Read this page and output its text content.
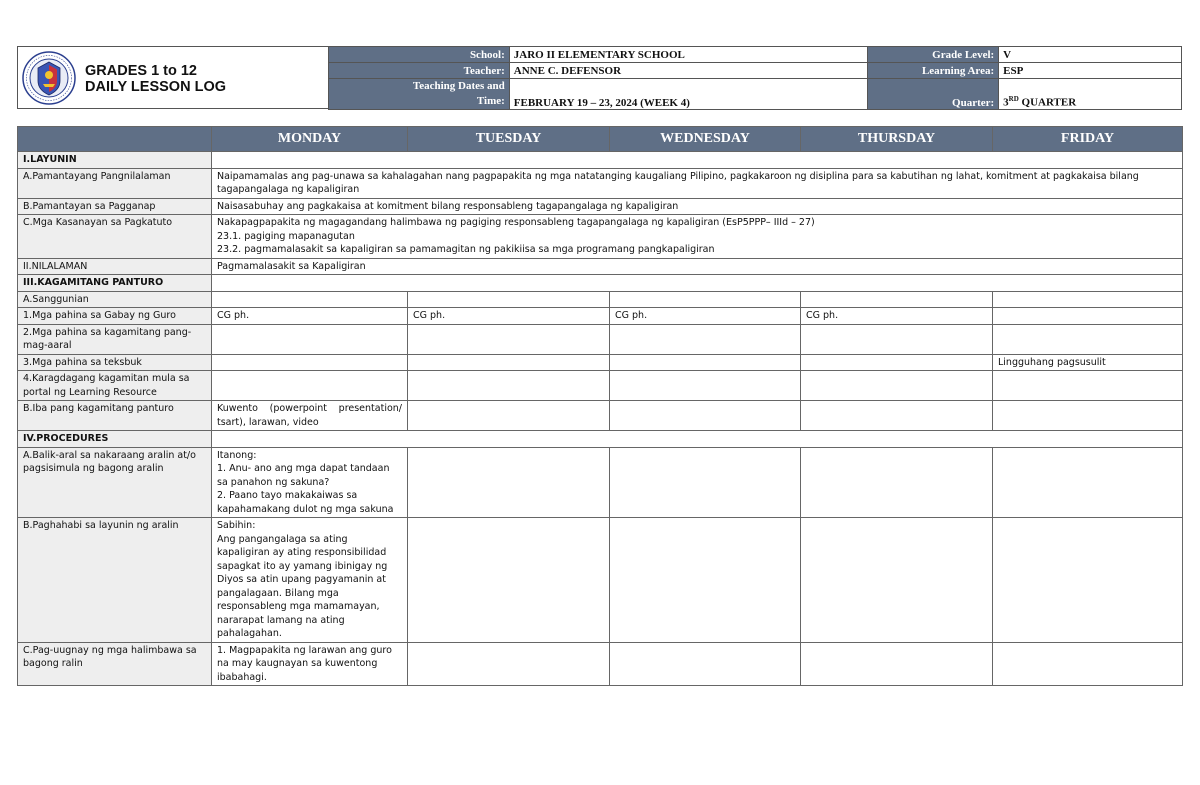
GRADES 1 to 12
DAILY LESSON LOG
School:	JARO II ELEMENTARY SCHOOL	Grade Level:	V
Teacher:	ANNE C. DEFENSOR	Learning Area:	ESP

Teaching Dates and
Time:	FEBRUARY 19 – 23, 2024 (WEEK 4)	Quarter:	3RD QUARTER
	MONDAY	TUESDAY	WEDNESDAY	THURSDAY	FRIDAY
I.LAYUNIN					
A.Pamantayang Pangnilalaman	Naipamamalas ang pag-unawa sa kahalagahan nang pagpapakita ng mga natatanging kaugaliang Pilipino, pagkakaroon ng disiplina para sa kabutihan ng lahat, komitment at pagkakaisa bilang tagapangalaga ng kapaligiran				
B.Pamantayan sa Pagganap	Naisasabuhay ang pagkakaisa at komitment bilang responsableng tagapangalaga ng kapaligiran				
C.Mga Kasanayan sa Pagkatuto	Nakapagpapakita ng magagandang halimbawa ng pagiging responsableng tagapangalaga ng kapaligiran (EsP5PPP– IIId – 27)
23.1. pagiging mapanagutan
23.2. pagmamalasakit sa kapaligiran sa pamamagitan ng pakikiisa sa mga programang pangkapaligiran				

II.NILALAMAN	Pagmamalasakit sa Kapaligiran				
III.KAGAMITANG PANTURO					
A.Sanggunian					
1.Mga pahina sa Gabay ng Guro	CG ph.	CG ph.	CG ph.	CG ph.	
2.Mga pahina sa kagamitang pang-mag-aaral					
3.Mga pahina sa teksbuk					Lingguhang pagsusulit
4.Karagdagang kagamitan mula sa portal ng Learning Resource					
B.Iba pang kagamitang panturo	Kuwento (powerpoint presentation/ tsart), larawan, video				
IV.PROCEDURES					
A.Balik-aral sa nakaraang aralin at/o pagsisimula ng bagong aralin	Itanong:
1. Anu- ano ang mga dapat tandaan sa panahon ng sakuna?
2. Paano tayo makakaiwas sa kapahamakang dulot ng mga sakuna				

B.Paghahabi sa layunin ng aralin	Sabihin:
Ang pangangalaga sa ating kapaligiran ay ating responsibilidad sapagkat ito ay yamang ibinigay ng Diyos sa atin upang pagyamanin at pangalagaan. Bilang mga responsableng mga mamamayan, nararapat lamang na ating pahalagahan.				

C.Pag-uugnay ng mga halimbawa sa bagong ralin	1. Magpapakita ng larawan ang guro na may kaugnayan sa kuwentong ibabahagi.				
